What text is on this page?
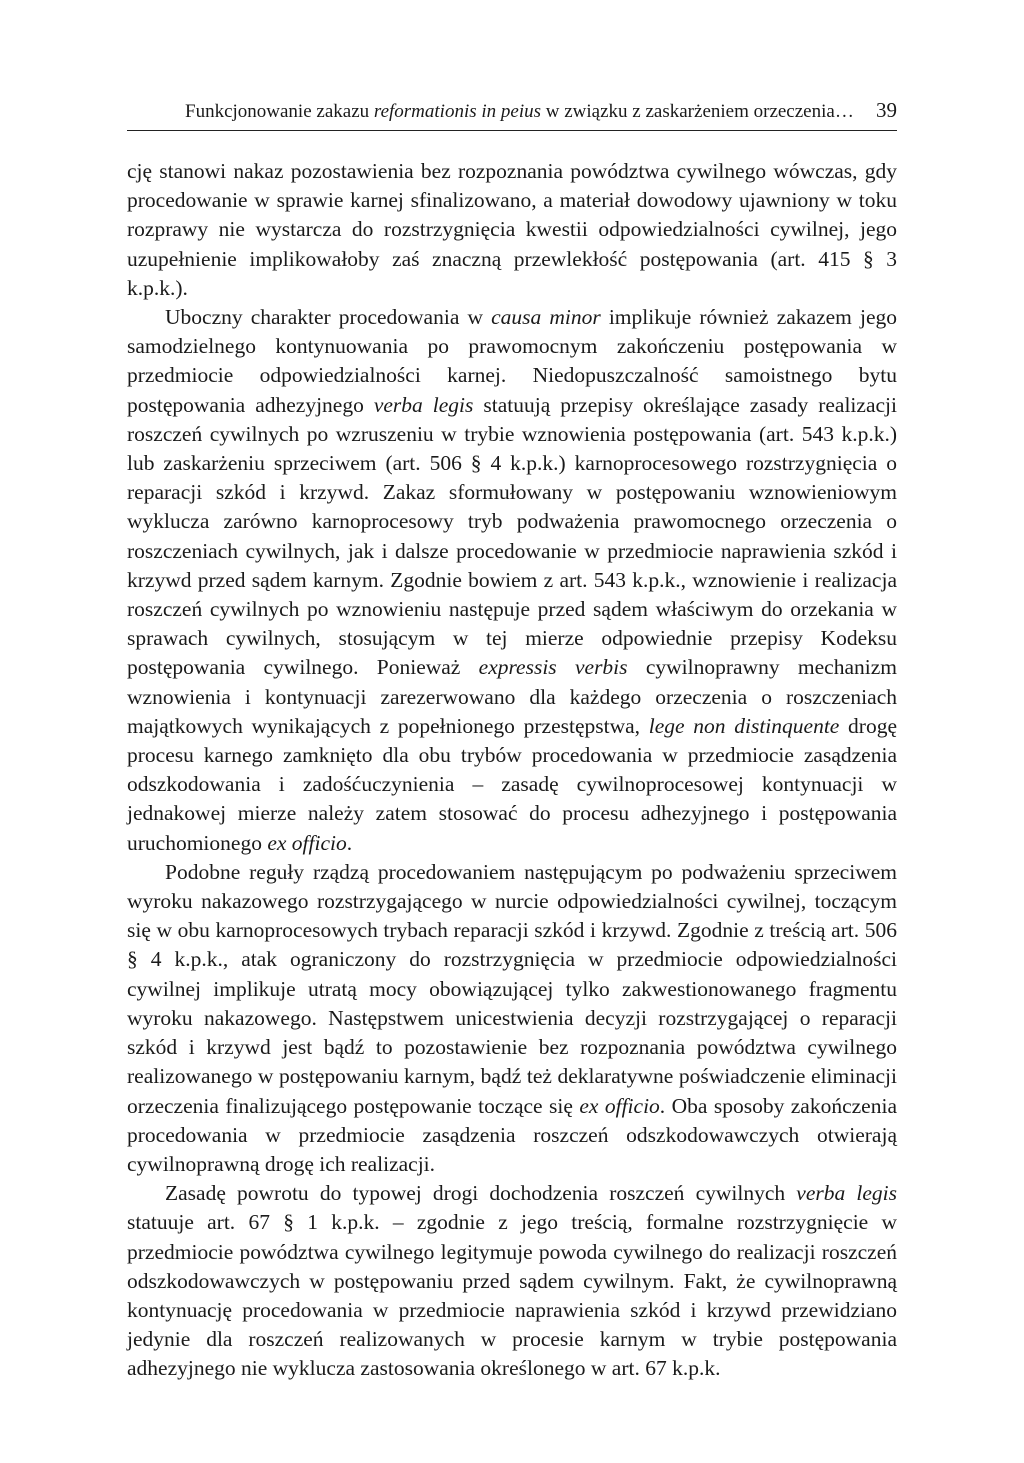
Funkcjonowanie zakazu reformationis in peius w związku z zaskarżeniem orzeczenia… 39

cję stanowi nakaz pozostawienia bez rozpoznania powództwa cywilnego wówczas, gdy procedowanie w sprawie karnej sfinalizowano, a materiał dowodowy ujawniony w toku rozprawy nie wystarcza do rozstrzygnięcia kwestii odpowiedzialności cywilnej, jego uzupełnienie implikowałoby zaś znaczną przewlekłość postępowania (art. 415 § 3 k.p.k.).

Uboczny charakter procedowania w causa minor implikuje również zakazem jego samodzielnego kontynuowania po prawomocnym zakończeniu postępowania w przedmiocie odpowiedzialności karnej. Niedopuszczalność samoistnego bytu postępowania adhezyjnego verba legis statuują przepisy określające zasady realizacji roszczeń cywilnych po wzruszeniu w trybie wznowienia postępowania (art. 543 k.p.k.) lub zaskarżeniu sprzeciwem (art. 506 § 4 k.p.k.) karnoprocesowego rozstrzygnięcia o reparacji szkód i krzywd. Zakaz sformułowany w postępowaniu wznowieniowym wyklucza zarówno karnoprocesowy tryb podważenia prawomocnego orzeczenia o roszczeniach cywilnych, jak i dalsze procedowanie w przedmiocie naprawienia szkód i krzywd przed sądem karnym. Zgodnie bowiem z art. 543 k.p.k., wznowienie i realizacja roszczeń cywilnych po wznowieniu następuje przed sądem właściwym do orzekania w sprawach cywilnych, stosującym w tej mierze odpowiednie przepisy Kodeksu postępowania cywilnego. Ponieważ expressis verbis cywilnoprawny mechanizm wznowienia i kontynuacji zarezerwowano dla każdego orzeczenia o roszczeniach majątkowych wynikających z popełnionego przestępstwa, lege non distinquente drogę procesu karnego zamknięto dla obu trybów procedowania w przedmiocie zasądzenia odszkodowania i zadośćuczynienia – zasadę cywilnoprocesowej kontynuacji w jednakowej mierze należy zatem stosować do procesu adhezyjnego i postępowania uruchomionego ex officio.

Podobne reguły rządzą procedowaniem następującym po podważeniu sprzeciwem wyroku nakazowego rozstrzygającego w nurcie odpowiedzialności cywilnej, toczącym się w obu karnoprocesowych trybach reparacji szkód i krzywd. Zgodnie z treścią art. 506 § 4 k.p.k., atak ograniczony do rozstrzygnięcia w przedmiocie odpowiedzialności cywilnej implikuje utratą mocy obowiązującej tylko zakwestionowanego fragmentu wyroku nakazowego. Następstwem unicestwienia decyzji rozstrzygającej o reparacji szkód i krzywd jest bądź to pozostawienie bez rozpoznania powództwa cywilnego realizowanego w postępowaniu karnym, bądź też deklaratywne poświadczenie eliminacji orzeczenia finalizującego postępowanie toczące się ex officio. Oba sposoby zakończenia procedowania w przedmiocie zasądzenia roszczeń odszkodowawczych otwierają cywilnoprawną drogę ich realizacji.

Zasadę powrotu do typowej drogi dochodzenia roszczeń cywilnych verba legis statuuje art. 67 § 1 k.p.k. – zgodnie z jego treścią, formalne rozstrzygnięcie w przedmiocie powództwa cywilnego legitymuje powoda cywilnego do realizacji roszczeń odszkodowawczych w postępowaniu przed sądem cywilnym. Fakt, że cywilnoprawną kontynuację procedowania w przedmiocie naprawienia szkód i krzywd przewidziano jedynie dla roszczeń realizowanych w procesie karnym w trybie postępowania adhezyjnego nie wyklucza zastosowania określonego w art. 67 k.p.k.
